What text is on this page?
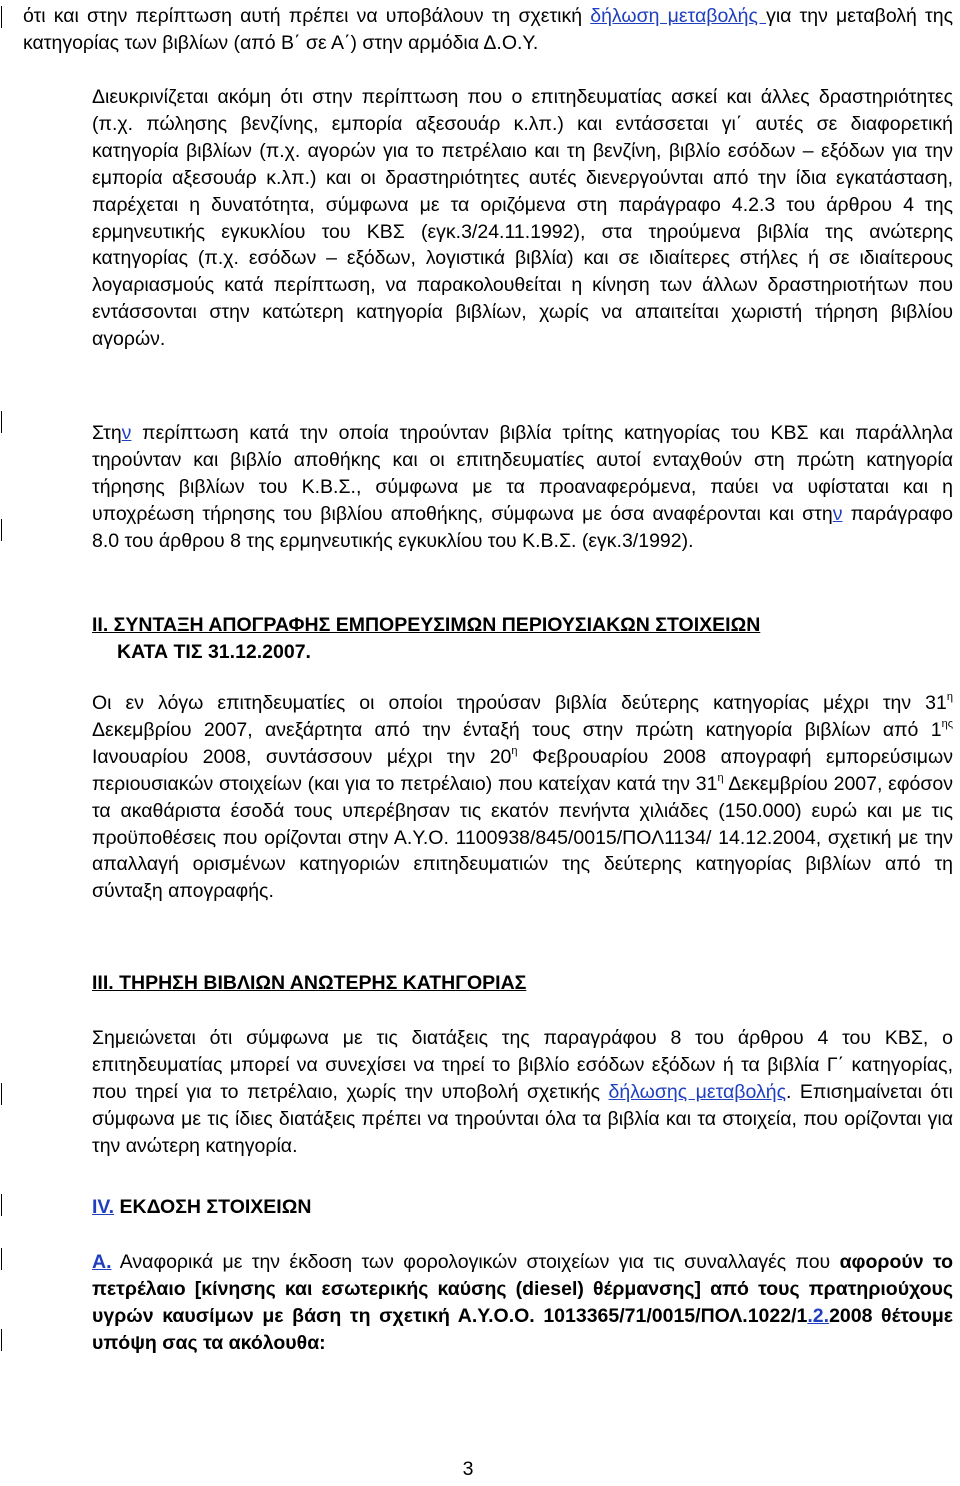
ότι και στην περίπτωση αυτή πρέπει να υποβάλουν τη σχετική δήλωση μεταβολής για την μεταβολή της κατηγορίας των βιβλίων (από Β΄ σε Α΄) στην αρμόδια Δ.Ο.Υ.

Διευκρινίζεται ακόμη ότι στην περίπτωση που ο επιτηδευματίας ασκεί και άλλες δραστηριότητες (π.χ. πώλησης βενζίνης, εμπορία αξεσουάρ κ.λπ.) και εντάσσεται γι΄ αυτές σε διαφορετική κατηγορία βιβλίων (π.χ. αγορών για το πετρέλαιο και τη βενζίνη, βιβλίο εσόδων – εξόδων για την εμπορία αξεσουάρ κ.λπ.) και οι δραστηριότητες αυτές διενεργούνται από την ίδια εγκατάσταση, παρέχεται η δυνατότητα, σύμφωνα με τα οριζόμενα στη παράγραφο 4.2.3 του άρθρου 4 της ερμηνευτικής εγκυκλίου του ΚΒΣ (εγκ.3/24.11.1992), στα τηρούμενα βιβλία της ανώτερης κατηγορίας (π.χ. εσόδων – εξόδων, λογιστικά βιβλία) και σε ιδιαίτερες στήλες ή σε ιδιαίτερους λογαριασμούς κατά περίπτωση, να παρακολουθείται η κίνηση των άλλων δραστηριοτήτων που εντάσσονται στην κατώτερη κατηγορία βιβλίων, χωρίς να απαιτείται χωριστή τήρηση βιβλίου αγορών.

Στην περίπτωση κατά την οποία τηρούνταν βιβλία τρίτης κατηγορίας του ΚΒΣ και παράλληλα τηρούνταν και βιβλίο αποθήκης και οι επιτηδευματίες αυτοί ενταχθούν στη πρώτη κατηγορία τήρησης βιβλίων του Κ.Β.Σ., σύμφωνα με τα προαναφερόμενα, παύει να υφίσταται και η υποχρέωση τήρησης του βιβλίου αποθήκης, σύμφωνα με όσα αναφέρονται και στην παράγραφο 8.0 του άρθρου 8 της ερμηνευτικής εγκυκλίου του Κ.Β.Σ. (εγκ.3/1992).

II. ΣΥΝΤΑΞΗ ΑΠΟΓΡΑΦΗΣ ΕΜΠΟΡΕΥΣΙΜΩΝ ΠΕΡΙΟΥΣΙΑΚΩΝ ΣΤΟΙΧΕΙΩΝ
ΚΑΤΑ ΤΙΣ 31.12.2007.

Οι εν λόγω επιτηδευματίες οι οποίοι τηρούσαν βιβλία δεύτερης κατηγορίας μέχρι την $31^\eta$ Δεκεμβρίου 2007, ανεξάρτητα από την ένταξή τους στην πρώτη κατηγορία βιβλίων από $1^{\eta\varsigma}$ Ιανουαρίου 2008, συντάσσουν μέχρι την $20^\eta$ Φεβρουαρίου 2008 απογραφή εμπορεύσιμων περιουσιακών στοιχείων (και για το πετρέλαιο) που κατείχαν κατά την $31^\eta$ Δεκεμβρίου 2007, εφόσον τα ακαθάριστα έσοδά τους υπερέβησαν τις εκατόν πενήντα χιλιάδες (150.000) ευρώ και με τις προϋποθέσεις που ορίζονται στην Α.Υ.Ο. 1100938/845/0015/ΠΟΛ1134/ 14.12.2004, σχετική με την απαλλαγή ορισμένων κατηγοριών επιτηδευματιών της δεύτερης κατηγορίας βιβλίων από τη σύνταξη απογραφής.

III. ΤΗΡΗΣΗ ΒΙΒΛΙΩΝ ΑΝΩΤΕΡΗΣ ΚΑΤΗΓΟΡΙΑΣ

Σημειώνεται ότι σύμφωνα με τις διατάξεις της παραγράφου 8 του άρθρου 4 του ΚΒΣ, ο επιτηδευματίας μπορεί να συνεχίσει να τηρεί το βιβλίο εσόδων εξόδων ή τα βιβλία Γ΄ κατηγορίας, που τηρεί για το πετρέλαιο, χωρίς την υποβολή σχετικής δήλωσης μεταβολής. Επισημαίνεται ότι σύμφωνα με τις ίδιες διατάξεις πρέπει να τηρούνται όλα τα βιβλία και τα στοιχεία, που ορίζονται για την ανώτερη κατηγορία.

IV. ΕΚΔΟΣΗ ΣΤΟΙΧΕΙΩΝ

Α. Αναφορικά με την έκδοση των φορολογικών στοιχείων για τις συναλλαγές που αφορούν το πετρέλαιο [κίνησης και εσωτερικής καύσης (diesel) θέρμανσης] από τους πρατηριούχους υγρών καυσίμων με βάση τη σχετική Α.Υ.Ο.Ο. 1013365/71/0015/ΠΟΛ.1022/1.2.2008 θέτουμε υπόψη σας τα ακόλουθα:

3
